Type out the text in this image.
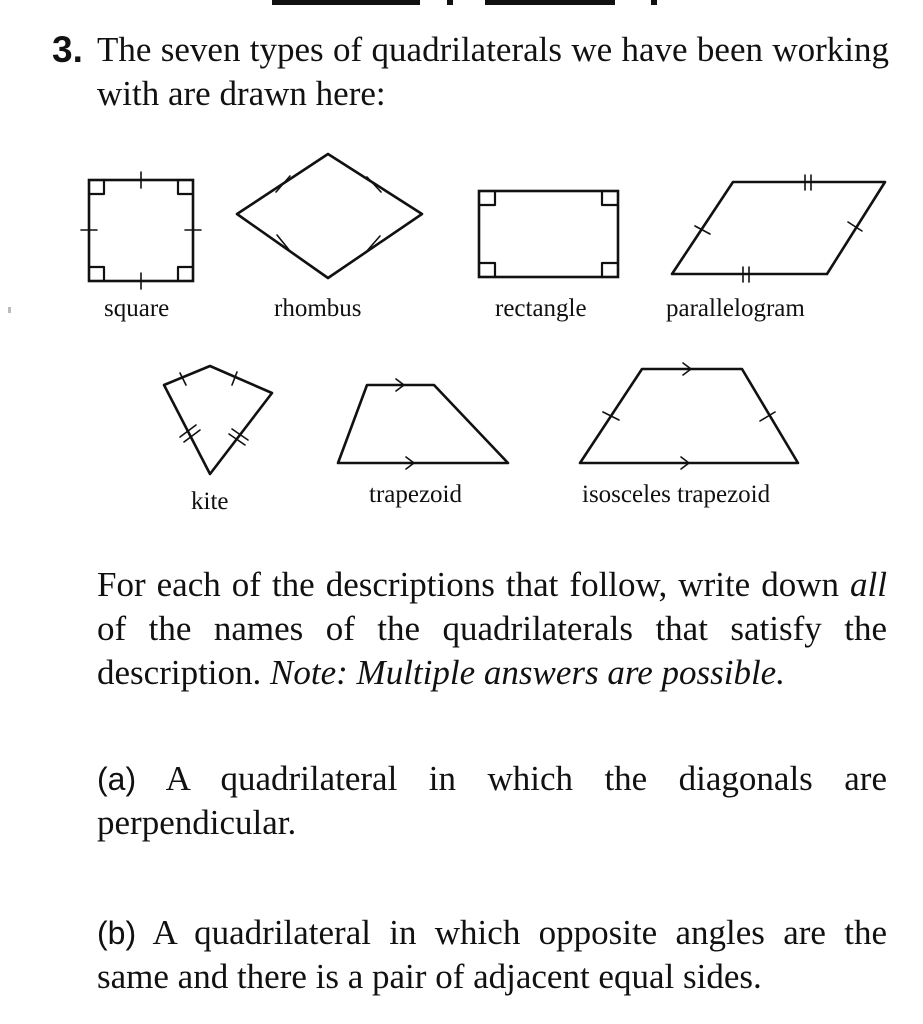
3. The seven types of quadrilaterals we have been working with are drawn here:
square	rhombus	rectangle	parallelogram
kite	trapezoid	isosceles trapezoid
For each of the descriptions that follow, write down all of the names of the quadrilaterals that satisfy the description. Note: Multiple answers are possible.
(a) A quadrilateral in which the diagonals are perpendicular.
(b) A quadrilateral in which opposite angles are the same and there is a pair of adjacent equal sides.
